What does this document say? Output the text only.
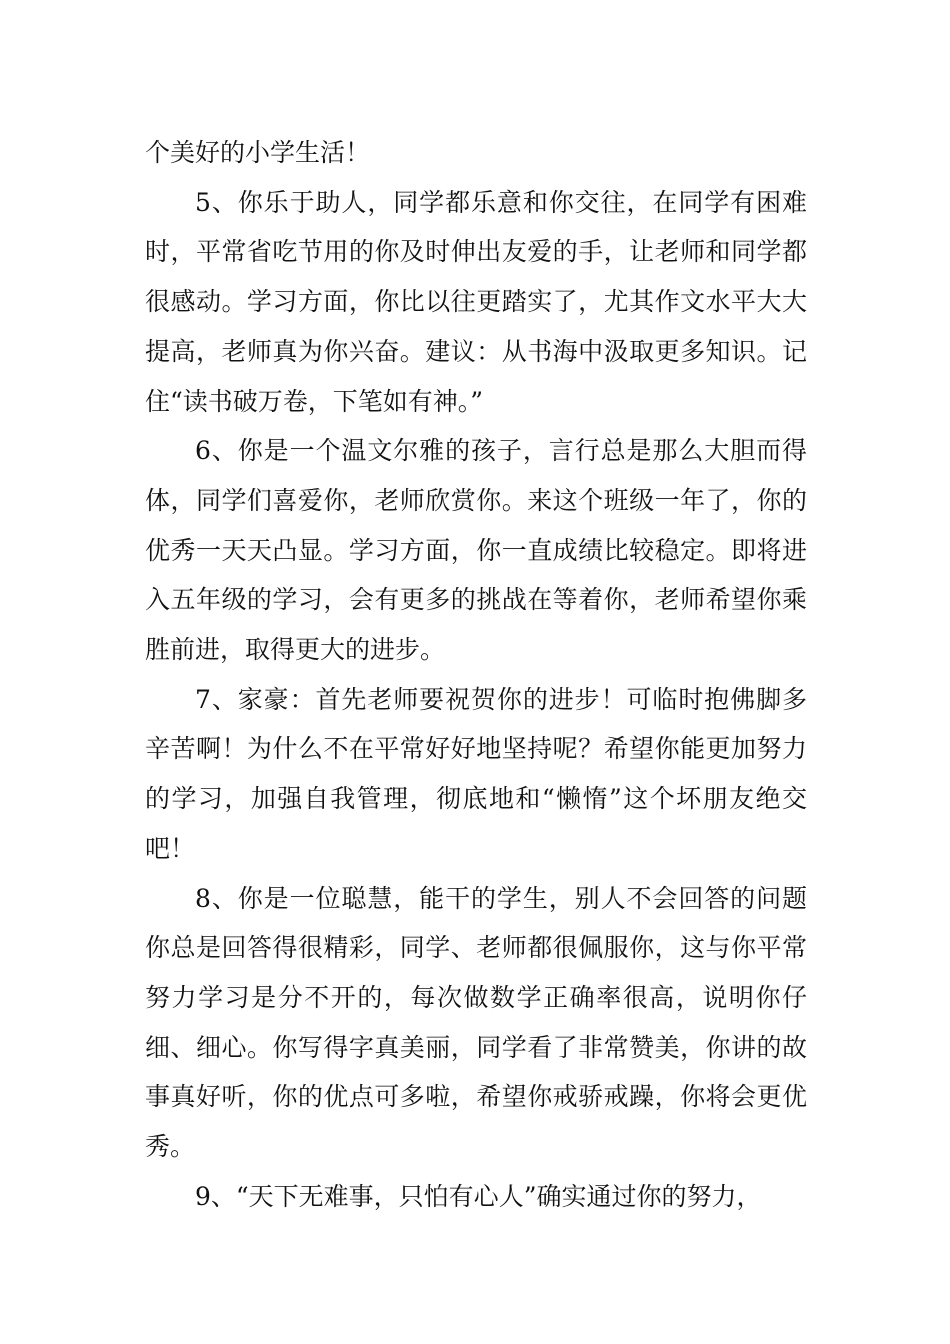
个美好的小学生活！

5、你乐于助人，同学都乐意和你交往，在同学有困难时，平常省吃节用的你及时伸出友爱的手，让老师和同学都很感动。学习方面，你比以往更踏实了，尤其作文水平大大提高，老师真为你兴奋。建议：从书海中汲取更多知识。记住“读书破万卷，下笔如有神。”

6、你是一个温文尔雅的孩子，言行总是那么大胆而得体，同学们喜爱你，老师欣赏你。来这个班级一年了，你的优秀一天天凸显。学习方面，你一直成绩比较稳定。即将进入五年级的学习，会有更多的挑战在等着你，老师希望你乘胜前进，取得更大的进步。

7、家豪：首先老师要祝贺你的进步！可临时抱佛脚多辛苦啊！为什么不在平常好好地坚持呢？希望你能更加努力的学习，加强自我管理，彻底地和“懒惰”这个坏朋友绝交吧！

8、你是一位聪慧，能干的学生，别人不会回答的问题你总是回答得很精彩，同学、老师都很佩服你，这与你平常努力学习是分不开的，每次做数学正确率很高，说明你仔细、细心。你写得字真美丽，同学看了非常赞美，你讲的故事真好听，你的优点可多啦，希望你戒骄戒躁，你将会更优秀。

9、“天下无难事，只怕有心人”确实通过你的努力，
